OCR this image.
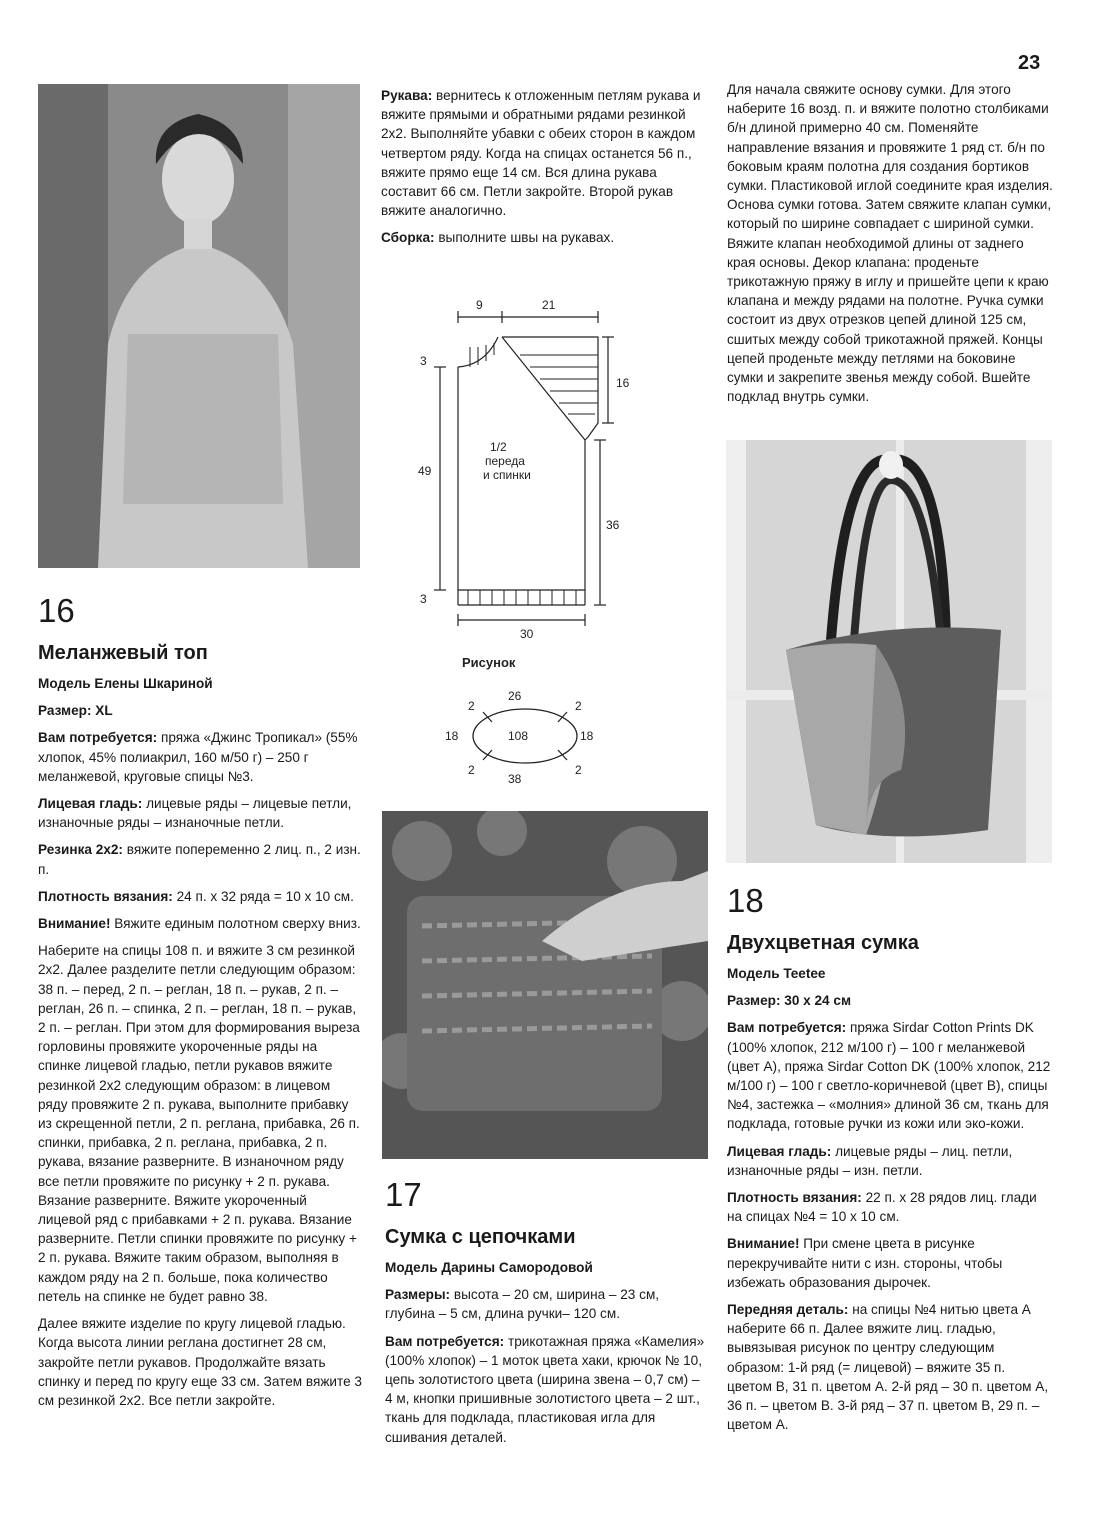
23
16
Меланжевый топ

Модель Елены Шкариной

Размер: XL

Вам потребуется: пряжа «Джинс Тропикал» (55% хлопок, 45% полиакрил, 160 м/50 г) – 250 г меланжевой, круговые спицы №3.

Лицевая гладь: лицевые ряды – лицевые петли, изнаночные ряды – изнаночные петли.

Резинка 2х2: вяжите попеременно 2 лиц. п., 2 изн. п.

Плотность вязания: 24 п. х 32 ряда = 10 х 10 см.

Внимание! Вяжите единым полотном сверху вниз.

Наберите на спицы 108 п. и вяжите 3 см резинкой 2х2. Далее разделите петли следующим образом: 38 п. – перед, 2 п. – реглан, 18 п. – рукав, 2 п. – реглан, 26 п. – спинка, 2 п. – реглан, 18 п. – рукав, 2 п. – реглан. При этом для формирования выреза горловины провяжите укороченные ряды на спинке лицевой гладью, петли рукавов вяжите резинкой 2х2 следующим образом: в лицевом ряду провяжите 2 п. рукава, выполните прибавку из скрещенной петли, 2 п. реглана, прибавка, 26 п. спинки, прибавка, 2 п. реглана, прибавка, 2 п. рукава, вязание разверните. В изнаночном ряду все петли провяжите по рисунку + 2 п. рукава. Вязание разверните. Вяжите укороченный лицевой ряд с прибавками + 2 п. рукава. Вязание разверните. Петли спинки провяжите по рисунку + 2 п. рукава. Вяжите таким образом, выполняя в каждом ряду на 2 п. больше, пока количество петель на спинке не будет равно 38.

Далее вяжите изделие по кругу лицевой гладью. Когда высота линии реглана достигнет 28 см, закройте петли рукавов. Продолжайте вязать спинку и перед по кругу еще 33 см. Затем вяжите 3 см резинкой 2х2. Все петли закройте.

Рукава: вернитесь к отложенным петлям рукава и вяжите прямыми и обратными рядами резинкой 2х2. Выполняйте убавки с обеих сторон в каждом четвертом ряду. Когда на спицах останется 56 п., вяжите прямо еще 14 см. Вся длина рукава составит 66 см. Петли закройте. Второй рукав вяжите аналогично.

Сборка: выполните швы на рукавах.

9	21
3
16
49
1/2
переда
и спинки
36
3
30
Рисунок
26
38
18	18
108
2	2
2	2
17
Сумка с цепочками

Модель Дарины Самородовой

Размеры: высота – 20 см, ширина – 23 см, глубина – 5 см, длина ручки– 120 см.

Вам потребуется: трикотажная пряжа «Камелия» (100% хлопок) – 1 моток цвета хаки, крючок № 10, цепь золотистого цвета (ширина звена – 0,7 см) – 4 м, кнопки пришивные золотистого цвета – 2 шт., ткань для подклада, пластиковая игла для сшивания деталей.

Для начала свяжите основу сумки. Для этого наберите 16 возд. п. и вяжите полотно столбиками б/н длиной примерно 40 см. Поменяйте направление вязания и провяжите 1 ряд ст. б/н по боковым краям полотна для создания бортиков сумки. Пластиковой иглой соедините края изделия. Основа сумки готова. Затем свяжите клапан сумки, который по ширине совпадает с шириной сумки. Вяжите клапан необходимой длины от заднего края основы. Декор клапана: проденьте трикотажную пряжу в иглу и пришейте цепи к краю клапана и между рядами на полотне. Ручка сумки состоит из двух отрезков цепей длиной 125 см, сшитых между собой трикотажной пряжей. Концы цепей проденьте между петлями на боковине сумки и закрепите звенья между собой. Вшейте подклад внутрь сумки.

18
Двухцветная сумка

Модель Teetee

Размер: 30 х 24 см

Вам потребуется: пряжа Sirdar Cotton Prints DK (100% хлопок, 212 м/100 г) – 100 г меланжевой (цвет А), пряжа Sirdar Cotton DK (100% хлопок, 212 м/100 г) – 100 г светло-коричневой (цвет В), спицы №4, застежка – «молния» длиной 36 см, ткань для подклада, готовые ручки из кожи или эко-кожи.

Лицевая гладь: лицевые ряды – лиц. петли, изнаночные ряды – изн. петли.

Плотность вязания: 22 п. х 28 рядов лиц. глади на спицах №4 = 10 х 10 см.

Внимание! При смене цвета в рисунке перекручивайте нити с изн. стороны, чтобы избежать образования дырочек.

Передняя деталь: на спицы №4 нитью цвета А наберите 66 п. Далее вяжите лиц. гладью, вывязывая рисунок по центру следующим образом: 1-й ряд (= лицевой) – вяжите 35 п. цветом В, 31 п. цветом А. 2-й ряд – 30 п. цветом А, 36 п. – цветом В. 3-й ряд – 37 п. цветом В, 29 п. – цветом А.
